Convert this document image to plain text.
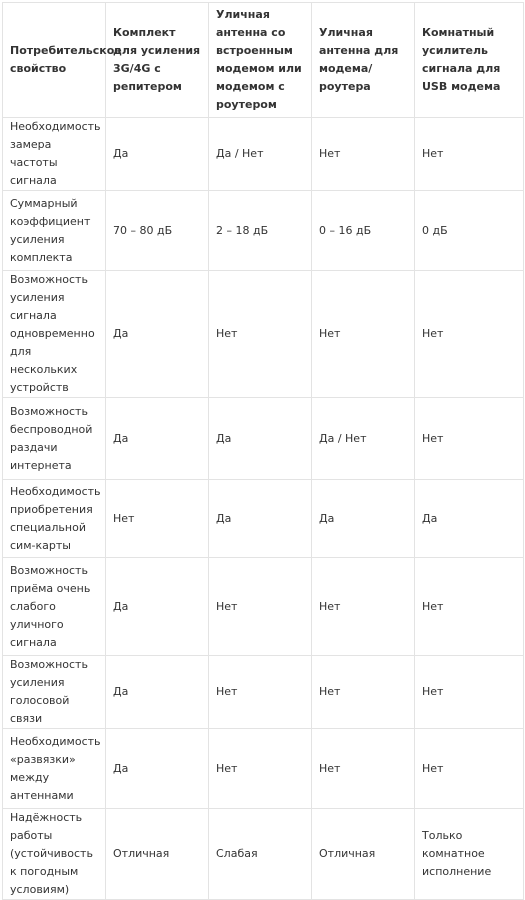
Потребительское свойство	Комплект для усиления 3G/4G с репитером	Уличная антенна со встроенным модемом или модемом с роутером	Уличная антенна для модема/ роутера	Комнатный усилитель сигнала для USB модема
Необходимость замера частоты сигнала	Да	Да / Нет	Нет	Нет
Суммарный коэффициент усиления комплекта	70 – 80 дБ	2 – 18 дБ	0 – 16 дБ	0 дБ
Возможность усиления сигнала одновременно для нескольких устройств	Да	Нет	Нет	Нет
Возможность беспроводной раздачи интернета	Да	Да	Да / Нет	Нет
Необходимость приобретения специальной сим-карты	Нет	Да	Да	Да
Возможность приёма очень слабого уличного сигнала	Да	Нет	Нет	Нет
Возможность усиления голосовой связи	Да	Нет	Нет	Нет
Необходимость «развязки» между антеннами	Да	Нет	Нет	Нет
Надёжность работы (устойчивость к погодным условиям)	Отличная	Слабая	Отличная	Только комнатное исполнение
